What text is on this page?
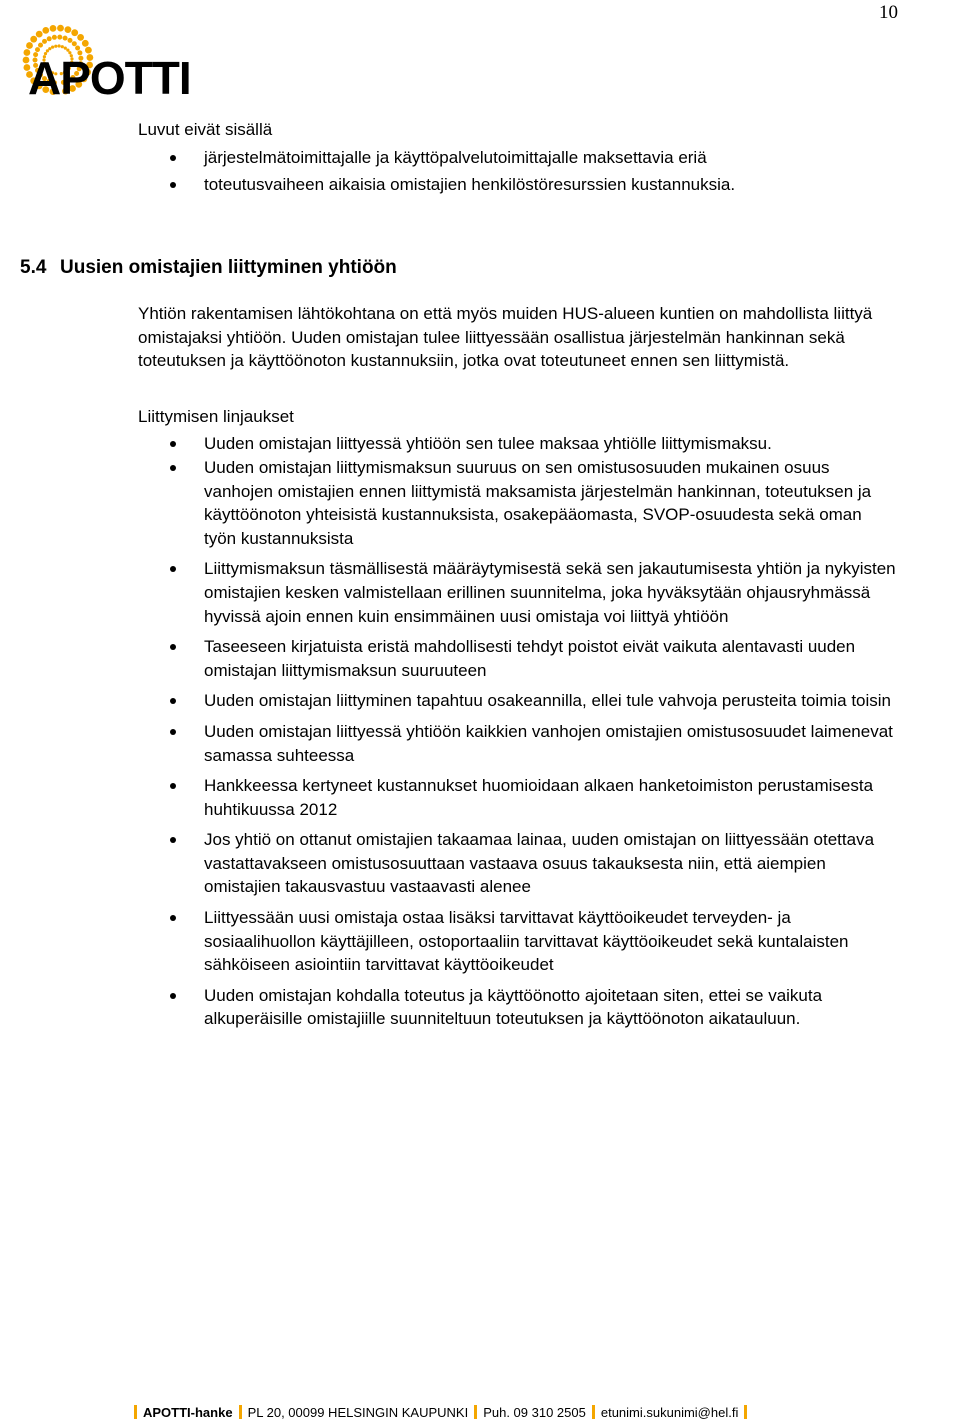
10
APOTTI

Luvut eivät sisällä

järjestelmätoimittajalle ja käyttöpalvelutoimittajalle maksettavia eriä
toteutusvaiheen aikaisia omistajien henkilöstöresurssien kustannuksia.
5.4 Uusien omistajien liittyminen yhtiöön

Yhtiön rakentamisen lähtökohtana on että myös muiden HUS-alueen kuntien on mahdollista liittyä omistajaksi yhtiöön. Uuden omistajan tulee liittyessään osallistua järjestelmän hankinnan sekä toteutuksen ja käyttöönoton kustannuksiin, jotka ovat toteutuneet ennen sen liittymistä.

Liittymisen linjaukset

Uuden omistajan liittyessä yhtiöön sen tulee maksaa yhtiölle liittymismaksu.
Uuden omistajan liittymismaksun suuruus on sen omistusosuuden mukainen osuus vanhojen omistajien ennen liittymistä maksamista järjestelmän hankinnan, toteutuksen ja käyttöönoton yhteisistä kustannuksista, osakepääomasta, SVOP-osuudesta sekä oman työn kustannuksista
Liittymismaksun täsmällisestä määräytymisestä sekä sen jakautumisesta yhtiön ja nykyisten omistajien kesken valmistellaan erillinen suunnitelma, joka hyväksytään ohjausryhmässä hyvissä ajoin ennen kuin ensimmäinen uusi omistaja voi liittyä yhtiöön
Taseeseen kirjatuista eristä mahdollisesti tehdyt poistot eivät vaikuta alentavasti uuden omistajan liittymismaksun suuruuteen
Uuden omistajan liittyminen tapahtuu osakeannilla, ellei tule vahvoja perusteita toimia toisin
Uuden omistajan liittyessä yhtiöön kaikkien vanhojen omistajien omistusosuudet laimenevat samassa suhteessa
Hankkeessa kertyneet kustannukset huomioidaan alkaen hanketoimiston perustamisesta huhtikuussa 2012
Jos yhtiö on ottanut omistajien takaamaa lainaa, uuden omistajan on liittyessään otettava vastattavakseen omistusosuuttaan vastaava osuus takauksesta niin, että aiempien omistajien takausvastuu vastaavasti alenee
Liittyessään uusi omistaja ostaa lisäksi tarvittavat käyttöoikeudet terveyden- ja sosiaalihuollon käyttäjilleen, ostoportaaliin tarvittavat käyttöoikeudet sekä kuntalaisten sähköiseen asiointiin tarvittavat käyttöoikeudet
Uuden omistajan kohdalla toteutus ja käyttöönotto ajoitetaan siten, ettei se vaikuta alkuperäisille omistajiille suunniteltuun toteutuksen ja käyttöönoton aikatauluun.
APOTTI-hanke PL 20, 00099 HELSINGIN KAUPUNKI Puh. 09 310 2505 etunimi.sukunimi@hel.fi
